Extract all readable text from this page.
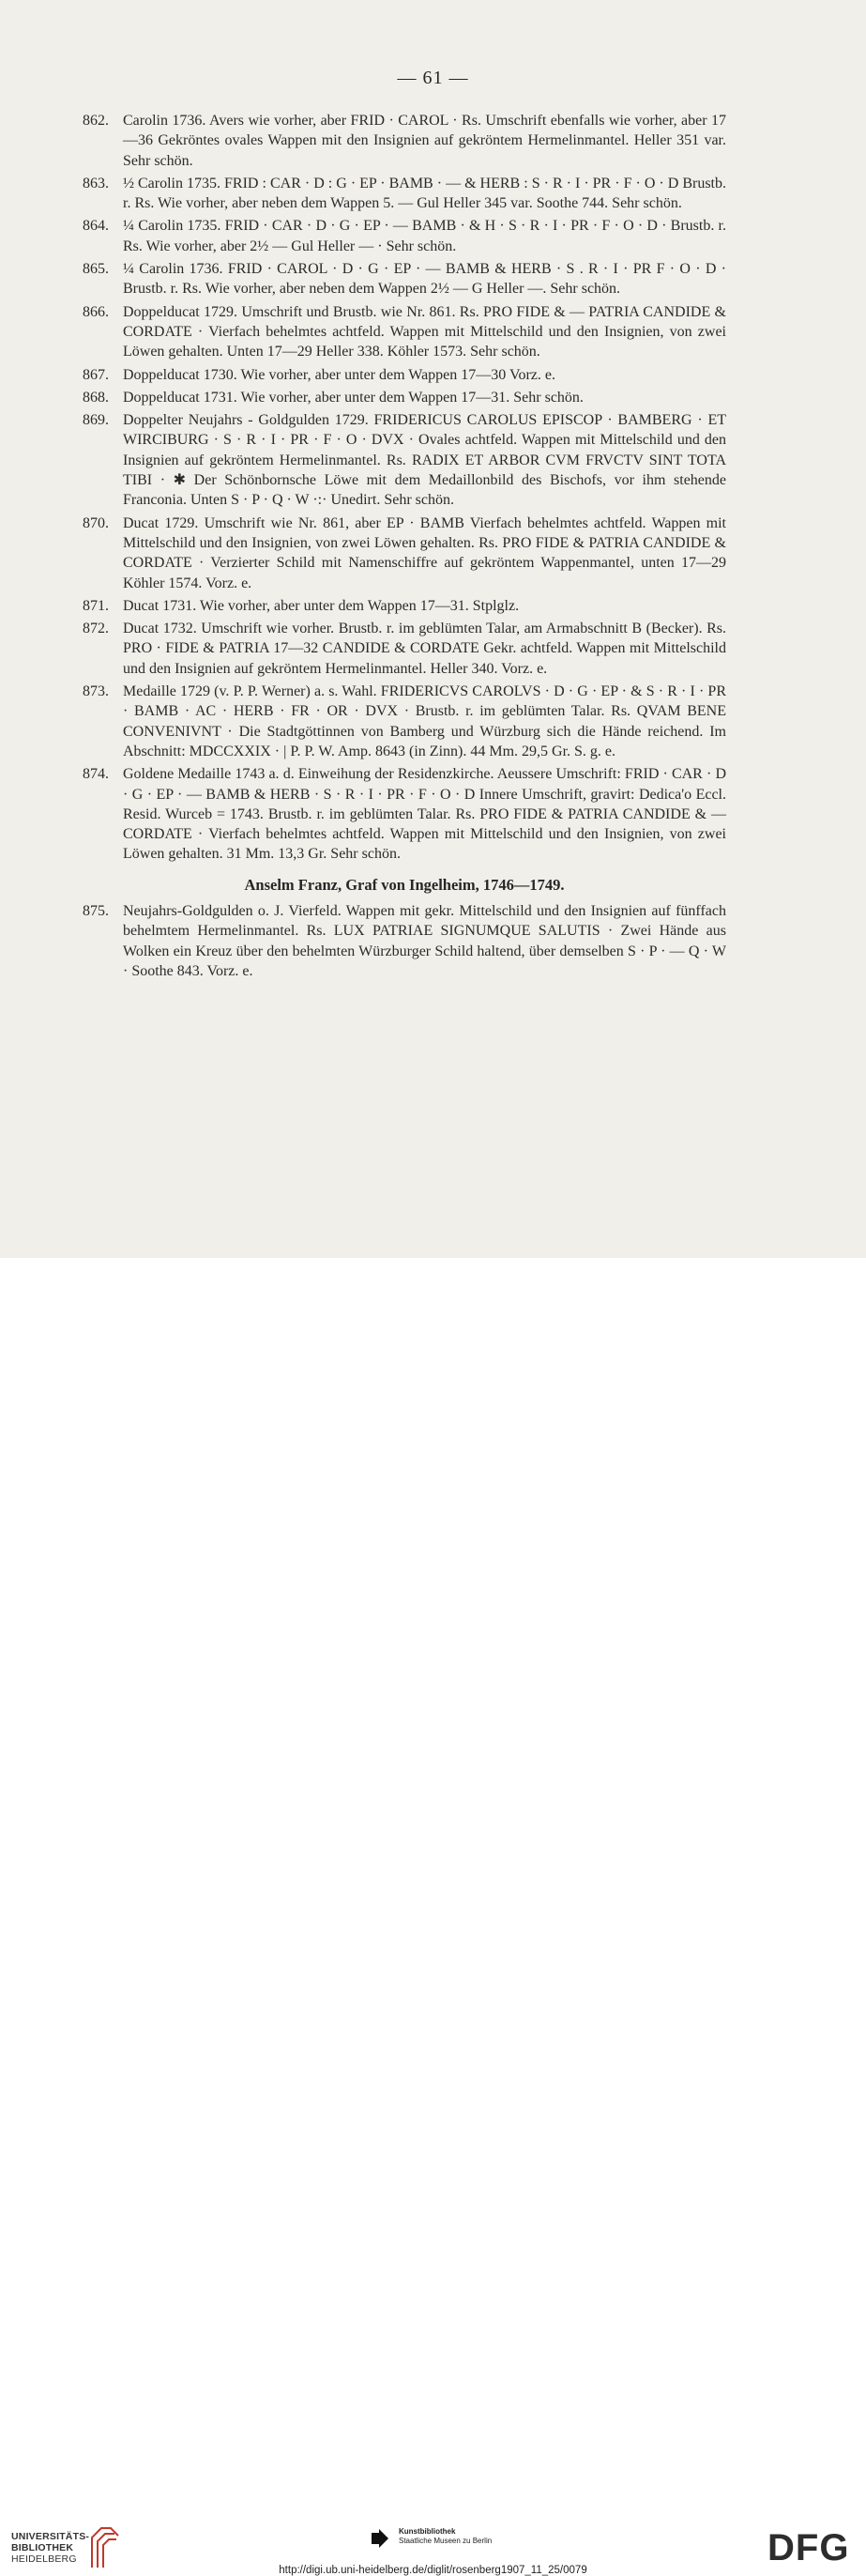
— 61 —
862. Carolin 1736. Avers wie vorher, aber FRID · CAROL · Rs. Umschrift ebenfalls wie vorher, aber 17—36 Gekröntes ovales Wappen mit den Insignien auf gekröntem Hermelinmantel. Heller 351 var. Sehr schön.
863. ½ Carolin 1735. FRID : CAR · D : G · EP · BAMB · — & HERB : S · R · I · PR · F · O · D Brustb. r. Rs. Wie vorher, aber neben dem Wappen 5. — Gul Heller 345 var. Soothe 744. Sehr schön.
864. ¼ Carolin 1735. FRID · CAR · D · G · EP · — BAMB · & H · S · R · I · PR · F · O · D · Brustb. r. Rs. Wie vorher, aber 2½ — Gul Heller — · Sehr schön.
865. ¼ Carolin 1736. FRID · CAROL · D · G · EP · — BAMB & HERB · S . R · I · PR F · O · D · Brustb. r. Rs. Wie vorher, aber neben dem Wappen 2½ — G Heller —. Sehr schön.
866. Doppelducat 1729. Umschrift und Brustb. wie Nr. 861. Rs. PRO FIDE & — PATRIA CANDIDE & CORDATE · Vierfach behelmtes achtfeld. Wappen mit Mittelschild und den Insignien, von zwei Löwen gehalten. Unten 17—29 Heller 338. Köhler 1573. Sehr schön.
867. Doppelducat 1730. Wie vorher, aber unter dem Wappen 17—30 Vorz. e.
868. Doppelducat 1731. Wie vorher, aber unter dem Wappen 17—31. Sehr schön.
869. Doppelter Neujahrs - Goldgulden 1729. FRIDERICUS CAROLUS EPISCOP · BAMBERG · ET WIRCIBURG · S · R · I · PR · F · O · DVX · Ovales achtfeld. Wappen mit Mittelschild und den Insignien auf gekröntem Hermelinmantel. Rs. RADIX ET ARBOR CVM FRVCTV SINT TOTA TIBI · ✱ Der Schönbornsche Löwe mit dem Medaillonbild des Bischofs, vor ihm stehende Franconia. Unten S · P · Q · W ·:· Unedirt. Sehr schön.
870. Ducat 1729. Umschrift wie Nr. 861, aber EP · BAMB Vierfach behelmtes achtfeld. Wappen mit Mittelschild und den Insignien, von zwei Löwen gehalten. Rs. PRO FIDE & PATRIA CANDIDE & CORDATE · Verzierter Schild mit Namenschiffre auf gekröntem Wappenmantel, unten 17—29 Köhler 1574. Vorz. e.
871. Ducat 1731. Wie vorher, aber unter dem Wappen 17—31. Stplglz.
872. Ducat 1732. Umschrift wie vorher. Brustb. r. im geblümten Talar, am Armabschnitt B (Becker). Rs. PRO · FIDE & PATRIA 17—32 CANDIDE & CORDATE Gekr. achtfeld. Wappen mit Mittelschild und den Insignien auf gekröntem Hermelinmantel. Heller 340. Vorz. e.
873. Medaille 1729 (v. P. P. Werner) a. s. Wahl. FRIDERICVS CAROLVS · D · G · EP · & S · R · I · PR · BAMB · AC · HERB · FR · OR · DVX · Brustb. r. im geblümten Talar. Rs. QVAM BENE CONVENIVNT · Die Stadtgöttinnen von Bamberg und Würzburg sich die Hände reichend. Im Abschnitt: MDCCXXIX · | P. P. W. Amp. 8643 (in Zinn). 44 Mm. 29,5 Gr. S. g. e.
874. Goldene Medaille 1743 a. d. Einweihung der Residenzkirche. Aeussere Umschrift: FRID · CAR · D · G · EP · — BAMB & HERB · S · R · I · PR · F · O · D Innere Umschrift, gravirt: Dedica'o Eccl. Resid. Wurceb = 1743. Brustb. r. im geblümten Talar. Rs. PRO FIDE & PATRIA CANDIDE & — CORDATE · Vierfach behelmtes achtfeld. Wappen mit Mittelschild und den Insignien, von zwei Löwen gehalten. 31 Mm. 13,3 Gr. Sehr schön.
Anselm Franz, Graf von Ingelheim, 1746—1749.
875. Neujahrs-Goldgulden o. J. Vierfeld. Wappen mit gekr. Mittelschild und den Insignien auf fünffach behelmtem Hermelinmantel. Rs. LUX PATRIAE SIGNUMQUE SALUTIS · Zwei Hände aus Wolken ein Kreuz über den behelmten Würzburger Schild haltend, über demselben S · P · — Q · W · Soothe 843. Vorz. e.
UNIVERSITÄTS-
BIBLIOTHEK
HEIDELBERG
Kunstbibliothek
Staatliche Museen zu Berlin	DFG
http://digi.ub.uni-heidelberg.de/diglit/rosenberg1907_11_25/0079
